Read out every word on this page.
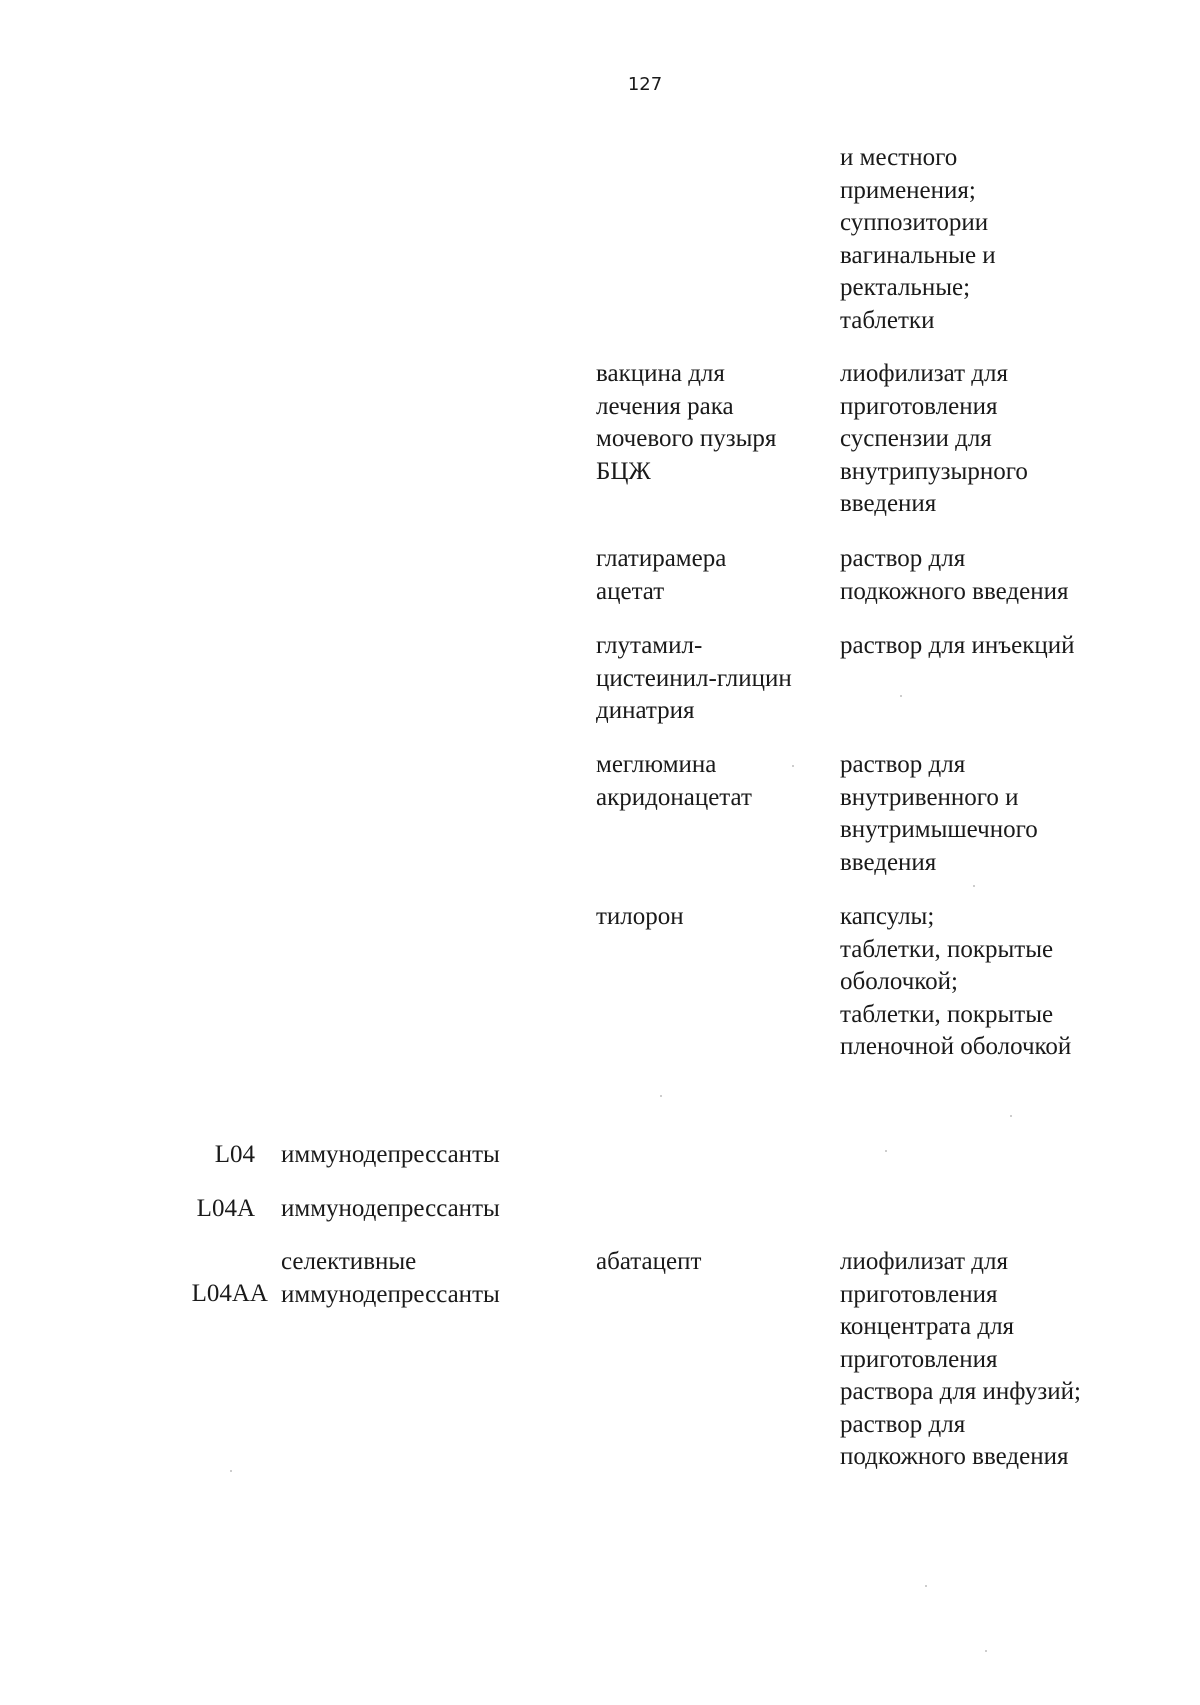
127
и местного
применения;
суппозитории
вагинальные и
ректальные;
таблетки
вакцина для
лечения рака
мочевого пузыря
БЦЖ
лиофилизат для
приготовления
суспензии для
внутрипузырного
введения
глатирамера
ацетат
раствор для
подкожного введения
глутамил-
цистеинил-глицин
динатрия
раствор для инъекций
меглюмина
акридонацетат
раствор для
внутривенного и
внутримышечного
введения
тилорон	капсулы;
таблетки, покрытые
оболочкой;
таблетки, покрытые
пленочной оболочкой
L04 иммунодепрессанты
L04A иммунодепрессанты
L04AA
селективные
иммунодепрессанты
абатацепт	лиофилизат для
приготовления
концентрата для
приготовления
раствора для инфузий;
раствор для
подкожного введения
